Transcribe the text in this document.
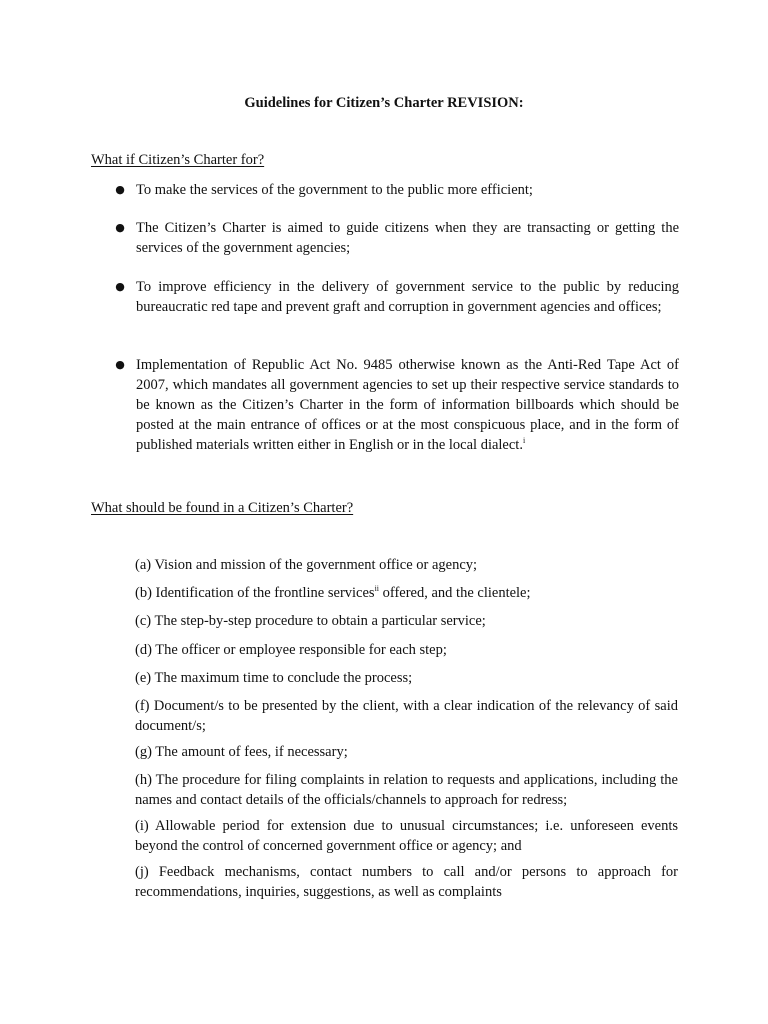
Guidelines for Citizen’s Charter REVISION:
What if Citizen’s Charter for?
● To make the services of the government to the public more efficient;
● The Citizen’s Charter is aimed to guide citizens when they are transacting or getting the services of the government agencies;
● To improve efficiency in the delivery of government service to the public by reducing bureaucratic red tape and prevent graft and corruption in government agencies and offices;
● Implementation of Republic Act No. 9485 otherwise known as the Anti-Red Tape Act of 2007, which mandates all government agencies to set up their respective service standards to be known as the Citizen’s Charter in the form of information billboards which should be posted at the main entrance of offices or at the most conspicuous place, and in the form of published materials written either in English or in the local dialect.$^i$
What should be found in a Citizen’s Charter?
(a) Vision and mission of the government office or agency;
(b) Identification of the frontline services$^{ii}$ offered, and the clientele;
(c) The step-by-step procedure to obtain a particular service;
(d) The officer or employee responsible for each step;
(e) The maximum time to conclude the process;
(f) Document/s to be presented by the client, with a clear indication of the relevancy of said document/s;
(g) The amount of fees, if necessary;
(h) The procedure for filing complaints in relation to requests and applications, including the names and contact details of the officials/channels to approach for redress;
(i) Allowable period for extension due to unusual circumstances; i.e. unforeseen events beyond the control of concerned government office or agency; and
(j) Feedback mechanisms, contact numbers to call and/or persons to approach for recommendations, inquiries, suggestions, as well as complaints
